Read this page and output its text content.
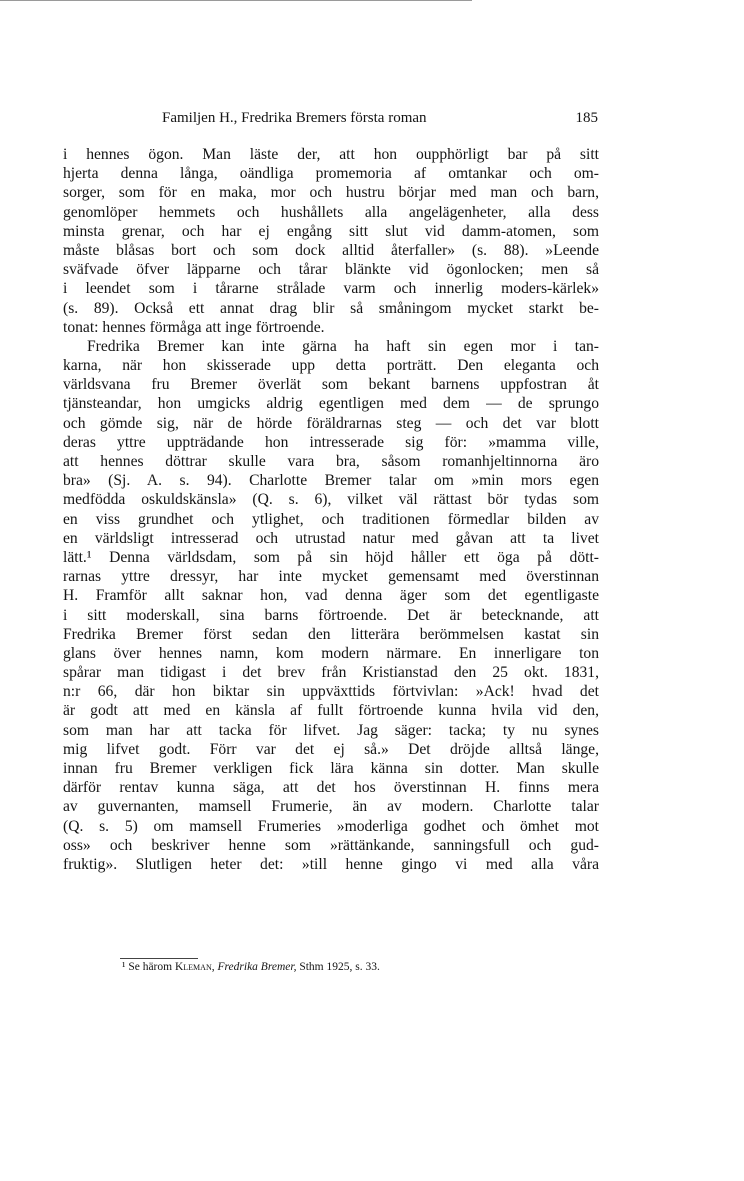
Familjen H., Fredrika Bremers första roman	185
i hennes ögon. Man läste der, att hon oupphörligt bar på sitt
hjerta denna långa, oändliga promemoria af omtankar och om-
sorger, som för en maka, mor och hustru börjar med man och barn,
genomlöper hemmets och hushållets alla angelägenheter, alla dess
minsta grenar, och har ej engång sitt slut vid damm-atomen, som
måste blåsas bort och som dock alltid återfaller» (s. 88). »Leende
sväfvade öfver läpparne och tårar blänkte vid ögonlocken; men så
i leendet som i tårarne strålade varm och innerlig moders-kärlek»
(s. 89). Också ett annat drag blir så småningom mycket starkt be-
tonat: hennes förmåga att inge förtroende.
Fredrika Bremer kan inte gärna ha haft sin egen mor i tan-
karna, när hon skisserade upp detta porträtt. Den eleganta och
världsvana fru Bremer överlät som bekant barnens uppfostran åt
tjänsteandar, hon umgicks aldrig egentligen med dem — de sprungo
och gömde sig, när de hörde föräldrarnas steg — och det var blott
deras yttre uppträdande hon intresserade sig för: »mamma ville,
att hennes döttrar skulle vara bra, såsom romanhjeltinnorna äro
bra» (Sj. A. s. 94). Charlotte Bremer talar om »min mors egen
medfödda oskuldskänsla» (Q. s. 6), vilket väl rättast bör tydas som
en viss grundhet och ytlighet, och traditionen förmedlar bilden av
en världsligt intresserad och utrustad natur med gåvan att ta livet
lätt.¹ Denna världsdam, som på sin höjd håller ett öga på dött-
rarnas yttre dressyr, har inte mycket gemensamt med överstinnan
H. Framför allt saknar hon, vad denna äger som det egentligaste
i sitt moderskall, sina barns förtroende. Det är betecknande, att
Fredrika Bremer först sedan den litterära berömmelsen kastat sin
glans över hennes namn, kom modern närmare. En innerligare ton
spårar man tidigast i det brev från Kristianstad den 25 okt. 1831,
n:r 66, där hon biktar sin uppväxttids förtvivlan: »Ack! hvad det
är godt att med en känsla af fullt förtroende kunna hvila vid den,
som man har att tacka för lifvet. Jag säger: tacka; ty nu synes
mig lifvet godt. Förr var det ej så.» Det dröjde alltså länge,
innan fru Bremer verkligen fick lära känna sin dotter. Man skulle
därför rentav kunna säga, att det hos överstinnan H. finns mera
av guvernanten, mamsell Frumerie, än av modern. Charlotte talar
(Q. s. 5) om mamsell Frumeries »moderliga godhet och ömhet mot
oss» och beskriver henne som »rättänkande, sanningsfull och gud-
fruktig». Slutligen heter det: »till henne gingo vi med alla våra
¹ Se härom Kleman, Fredrika Bremer, Sthm 1925, s. 33.
